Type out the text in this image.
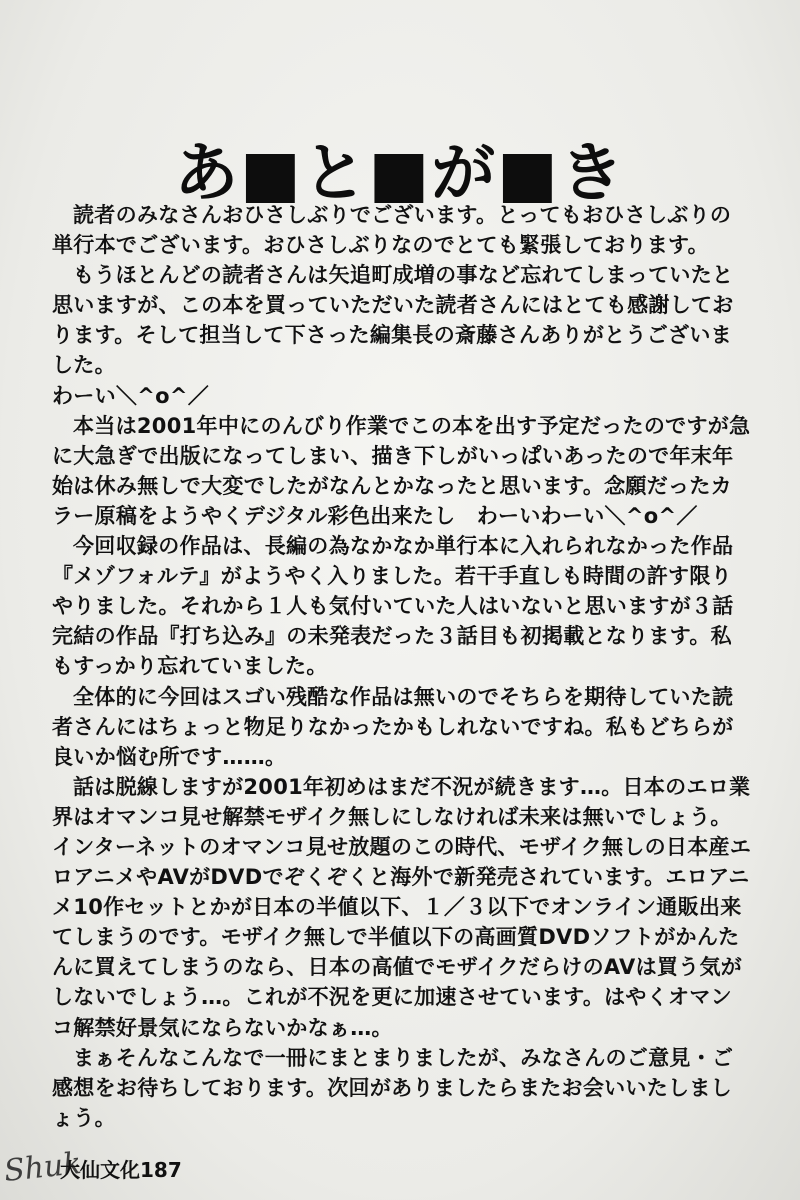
あ■と■が■き

読者のみなさんおひさしぶりでございます。とってもおひさしぶりの単行本でございます。おひさしぶりなのでとても緊張しております。

もうほとんどの読者さんは矢追町成増の事など忘れてしまっていたと思いますが、この本を買っていただいた読者さんにはとても感謝しております。そして担当して下さった編集長の斎藤さんありがとうございました。

わーい＼^o^／

本当は2001年中にのんびり作業でこの本を出す予定だったのですが急に大急ぎで出版になってしまい、描き下しがいっぱいあったので年末年始は休み無しで大変でしたがなんとかなったと思います。念願だったカラー原稿をようやくデジタル彩色出来たし　わーいわーい＼^o^／

今回収録の作品は、長編の為なかなか単行本に入れられなかった作品『メゾフォルテ』がようやく入りました。若干手直しも時間の許す限りやりました。それから１人も気付いていた人はいないと思いますが３話完結の作品『打ち込み』の未発表だった３話目も初掲載となります。私もすっかり忘れていました。

全体的に今回はスゴい残酷な作品は無いのでそちらを期待していた読者さんにはちょっと物足りなかったかもしれないですね。私もどちらが良いか悩む所です……。

話は脱線しますが2001年初めはまだ不況が続きます…。日本のエロ業界はオマンコ見せ解禁モザイク無しにしなければ未来は無いでしょう。インターネットのオマンコ見せ放題のこの時代、モザイク無しの日本産エロアニメやAVがDVDでぞくぞくと海外で新発売されています。エロアニメ10作セットとかが日本の半値以下、１／３以下でオンライン通販出来てしまうのです。モザイク無しで半値以下の高画質DVDソフトがかんたんに買えてしまうのなら、日本の高値でモザイクだらけのAVは買う気がしないでしょう…。これが不況を更に加速させています。はやくオマンコ解禁好景気にならないかなぁ…。

まぁそんなこんなで一冊にまとまりましたが、みなさんのご意見・ご感想をお待ちしております。次回がありましたらまたお会いいたしましょう。

Shuk
大仙文化187
